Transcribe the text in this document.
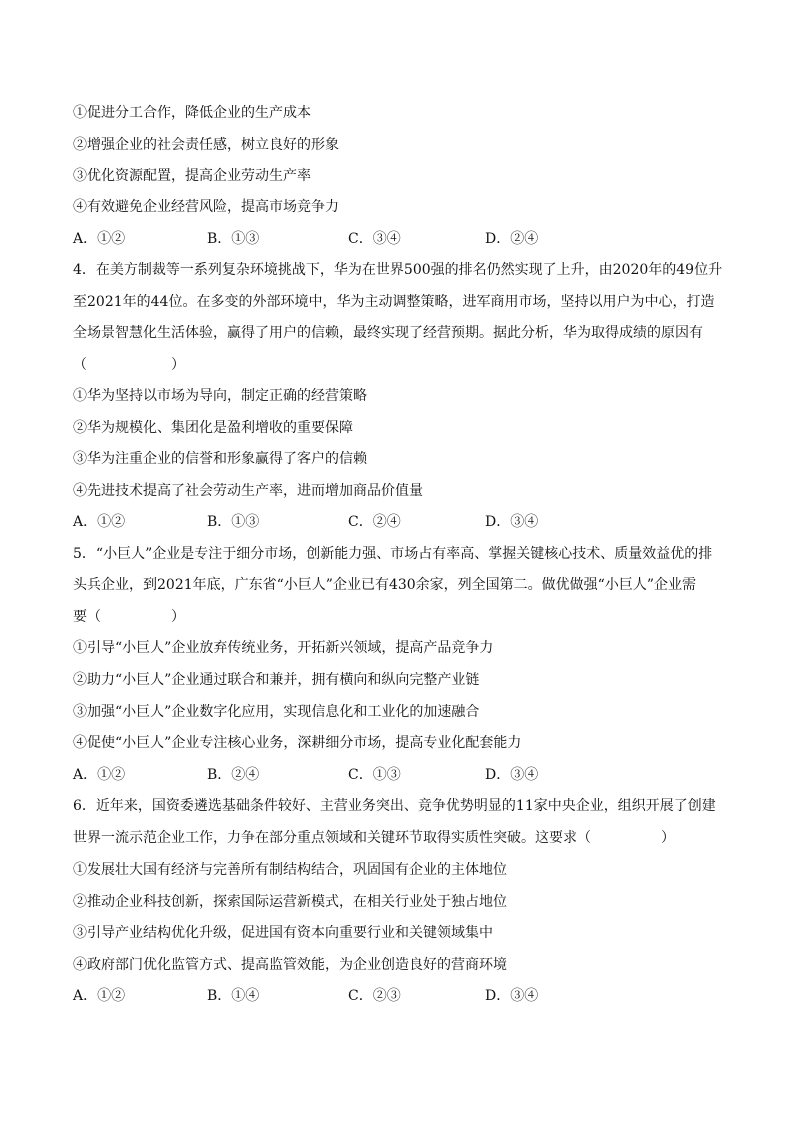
①促进分工合作，降低企业的生产成本
②增强企业的社会责任感，树立良好的形象
③优化资源配置，提高企业劳动生产率
④有效避免企业经营风险，提高市场竞争力
A．①②	B．①③	C．③④	D．②④
4．在美方制裁等一系列复杂环境挑战下，华为在世界500强的排名仍然实现了上升，由2020年的49位升
至2021年的44位。在多变的外部环境中，华为主动调整策略，进军商用市场，坚持以用户为中心，打造
全场景智慧化生活体验，赢得了用户的信赖，最终实现了经营预期。据此分析，华为取得成绩的原因有
（　　　　　　）
①华为坚持以市场为导向，制定正确的经营策略
②华为规模化、集团化是盈利增收的重要保障
③华为注重企业的信誉和形象赢得了客户的信赖
④先进技术提高了社会劳动生产率，进而增加商品价值量
A．①②	B．①③	C．②④	D．③④
5．“小巨人”企业是专注于细分市场，创新能力强、市场占有率高、掌握关键核心技术、质量效益优的排
头兵企业，到2021年底，广东省“小巨人”企业已有430余家，列全国第二。做优做强“小巨人”企业需
要（　　　　　）
①引导“小巨人”企业放弃传统业务，开拓新兴领域，提高产品竞争力
②助力“小巨人”企业通过联合和兼并，拥有横向和纵向完整产业链
③加强“小巨人”企业数字化应用，实现信息化和工业化的加速融合
④促使“小巨人”企业专注核心业务，深耕细分市场，提高专业化配套能力
A．①②	B．②④	C．①③	D．③④
6．近年来，国资委遴选基础条件较好、主营业务突出、竞争优势明显的11家中央企业，组织开展了创建
世界一流示范企业工作，力争在部分重点领域和关键环节取得实质性突破。这要求（　　　　　）
①发展壮大国有经济与完善所有制结构结合，巩固国有企业的主体地位
②推动企业科技创新，探索国际运营新模式，在相关行业处于独占地位
③引导产业结构优化升级，促进国有资本向重要行业和关键领域集中
④政府部门优化监管方式、提高监管效能，为企业创造良好的营商环境
A．①②	B．①④	C．②③	D．③④
